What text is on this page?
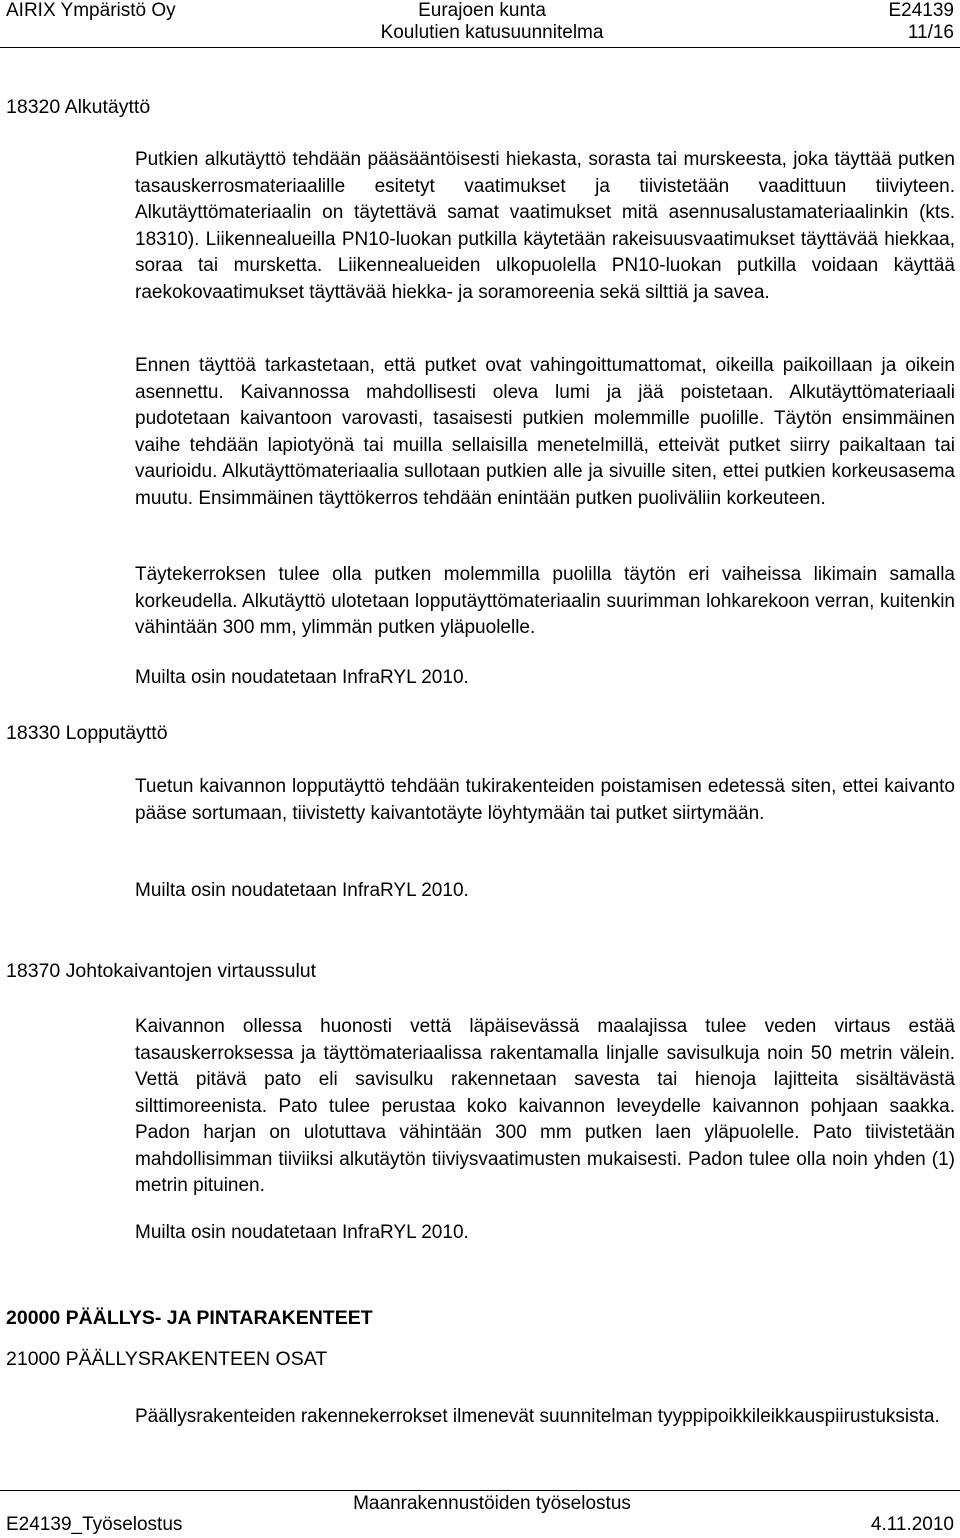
AIRIX Ympäristö Oy	Eurajoen kunta	E24139
Koulutien katusuunnitelma	11/16
18320 Alkutäyttö

Putkien alkutäyttö tehdään pääsääntöisesti hiekasta, sorasta tai murskeesta, joka täyttää putken tasauskerrosmateriaalille esitetyt vaatimukset ja tiivistetään vaadittuun tiiviyteen. Alkutäyttömateriaalin on täytettävä samat vaatimukset mitä asennusalustamateriaalinkin (kts. 18310). Liikennealueilla PN10-luokan putkilla käytetään rakeisuusvaatimukset täyttävää hiekkaa, soraa tai mursketta. Liikennealueiden ulkopuolella PN10-luokan putkilla voidaan käyttää raekokovaatimukset täyttävää hiekka- ja soramoreenia sekä silttiä ja savea.

Ennen täyttöä tarkastetaan, että putket ovat vahingoittumattomat, oikeilla paikoillaan ja oikein asennettu. Kaivannossa mahdollisesti oleva lumi ja jää poistetaan. Alkutäyttömateriaali pudotetaan kaivantoon varovasti, tasaisesti putkien molemmille puolille. Täytön ensimmäinen vaihe tehdään lapiotyönä tai muilla sellaisilla menetelmillä, etteivät putket siirry paikaltaan tai vaurioidu. Alkutäyttömateriaalia sullotaan putkien alle ja sivuille siten, ettei putkien korkeusasema muutu. Ensimmäinen täyttökerros tehdään enintään putken puoliväliin korkeuteen.

Täytekerroksen tulee olla putken molemmilla puolilla täytön eri vaiheissa likimain samalla korkeudella. Alkutäyttö ulotetaan lopputäyttömateriaalin suurimman lohkarekoon verran, kuitenkin vähintään 300 mm, ylimmän putken yläpuolelle.

Muilta osin noudatetaan InfraRYL 2010.

18330 Lopputäyttö

Tuetun kaivannon lopputäyttö tehdään tukirakenteiden poistamisen edetessä siten, ettei kaivanto pääse sortumaan, tiivistetty kaivantotäyte löyhtymään tai putket siirtymään.

Muilta osin noudatetaan InfraRYL 2010.

18370 Johtokaivantojen virtaussulut

Kaivannon ollessa huonosti vettä läpäisevässä maalajissa tulee veden virtaus estää tasauskerroksessa ja täyttömateriaalissa rakentamalla linjalle savisulkuja noin 50 metrin välein. Vettä pitävä pato eli savisulku rakennetaan savesta tai hienoja lajitteita sisältävästä silttimoreenista. Pato tulee perustaa koko kaivannon leveydelle kaivannon pohjaan saakka. Padon harjan on ulotuttava vähintään 300 mm putken laen yläpuolelle. Pato tiivistetään mahdollisimman tiiviiksi alkutäytön tiiviysvaatimusten mukaisesti. Padon tulee olla noin yhden (1) metrin pituinen.

Muilta osin noudatetaan InfraRYL 2010.

20000 PÄÄLLYS- JA PINTARAKENTEET
21000 PÄÄLLYSRAKENTEEN OSAT

Päällysrakenteiden rakennekerrokset ilmenevät suunnitelman tyyppipoikkileikkauspiirustuksista.

Maanrakennustöiden työselostus
E24139_Työselostus	4.11.2010
